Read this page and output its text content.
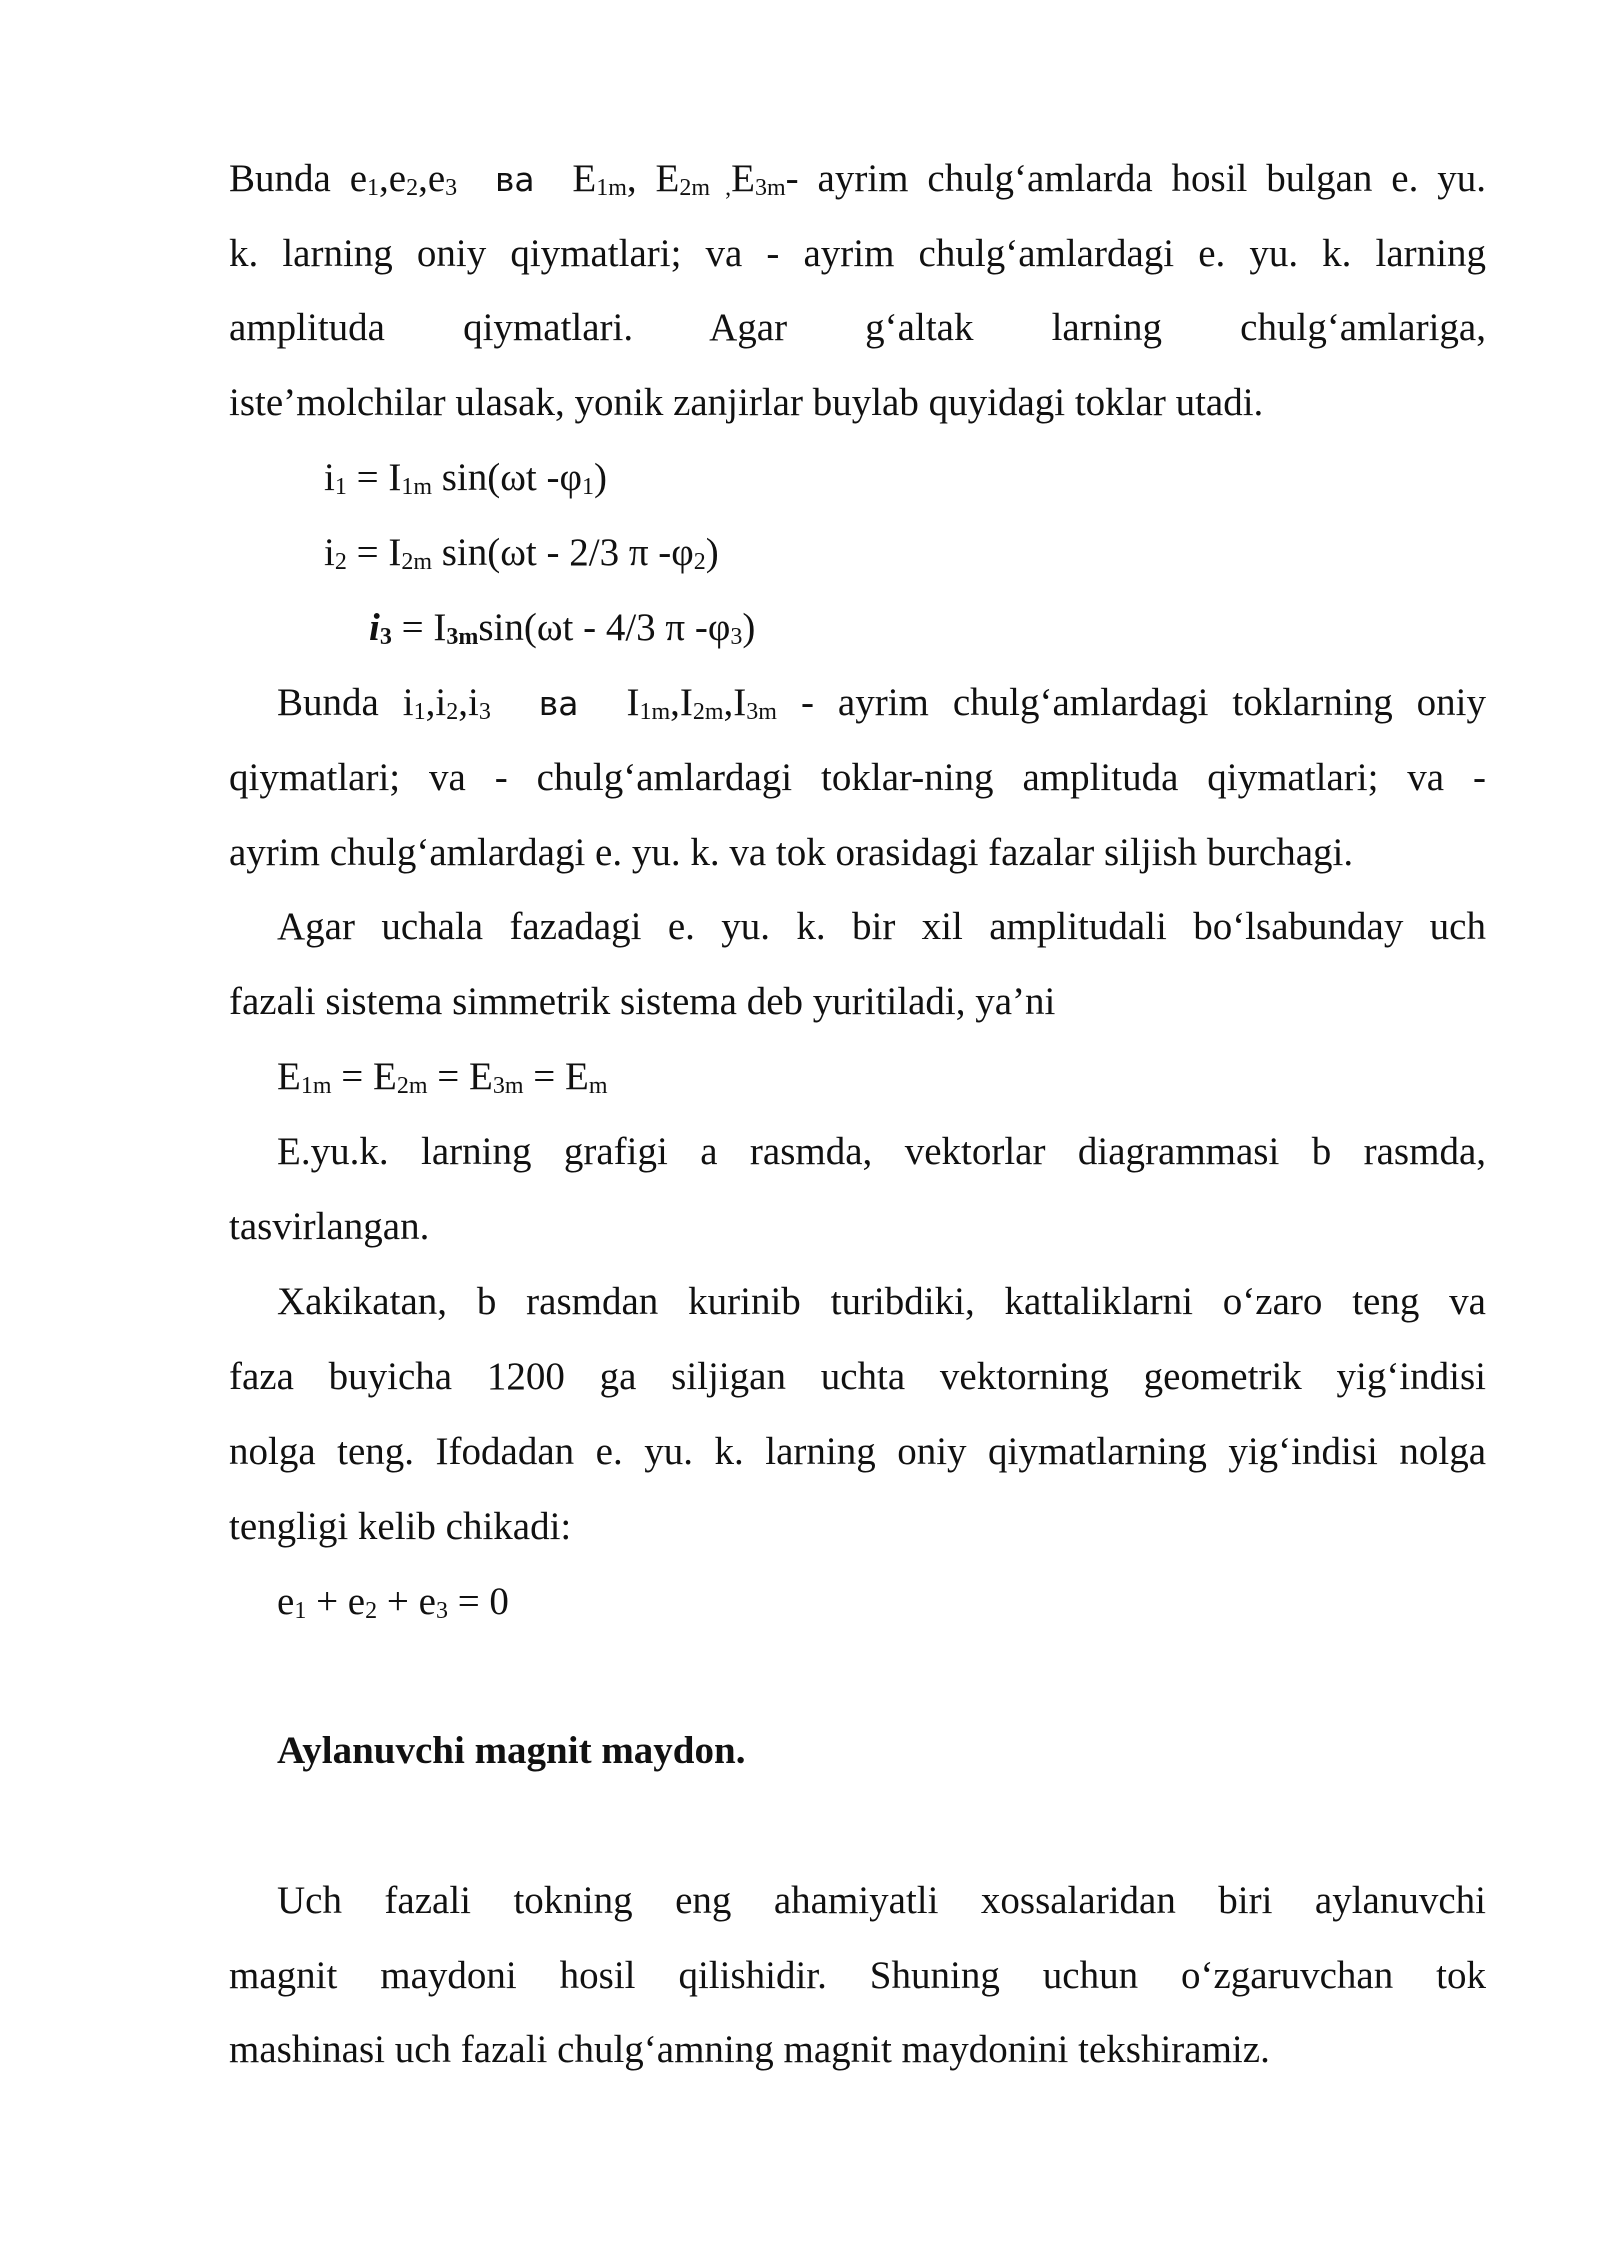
Bunda $e_1,e_2,e_3$ ва $E_{1m}$, $E_{2m}$ $_,E_{3m}-$ ayrim chulg‘amlarda hosil bulgan e. yu.
k. larning oniy qiymatlari; va - ayrim chulg‘amlardagi e. yu. k. larning
amplituda qiymatlari. Agar g‘altak larning chulg‘amlariga,
iste’molchilar ulasak, yonik zanjirlar buylab quyidagi toklar utadi.
$i_1 = I_{1m}$ sin(ωt $-\varphi_1$)
$i_2 = I_{2m}$ sin(ωt - 2/3 π $-\varphi_2$)
$i_3 = I_{3m}\sin(\omega t - 4/3$ π $-\varphi_3$)
Bunda $i_1,i_2,i_3$ ва $I_{1m},I_{2m},I_{3m}$ - ayrim chulg‘amlardagi toklarning oniy
qiymatlari; va - chulg‘amlardagi toklar-ning amplituda qiymatlari; va -
ayrim chulg‘amlardagi e. yu. k. va tok orasidagi fazalar siljish burchagi.
Agar uchala fazadagi e. yu. k. bir xil amplitudali bo‘lsabunday uch
fazali sistema simmetrik sistema deb yuritiladi, ya’ni
$E_{1m} = E_{2m} = E_{3m} = E_m$
E.yu.k. larning grafigi a rasmda, vektorlar diagrammasi b rasmda,
tasvirlangan.
Xakikatan, b rasmdan kurinib turibdiki, kattaliklarni o‘zaro teng va
faza buyicha 1200 ga siljigan uchta vektorning geometrik yig‘indisi
nolga teng. Ifodadan e. yu. k. larning oniy qiymatlarning yig‘indisi nolga
tengligi kelib chikadi:
$e_1 + e_2 + e_3 = 0$
Aylanuvchi magnit maydon.
Uch fazali tokning eng ahamiyatli xossalaridan biri aylanuvchi
magnit maydoni hosil qilishidir. Shuning uchun o‘zgaruvchan tok
mashinasi uch fazali chulg‘amning magnit maydonini tekshiramiz.
